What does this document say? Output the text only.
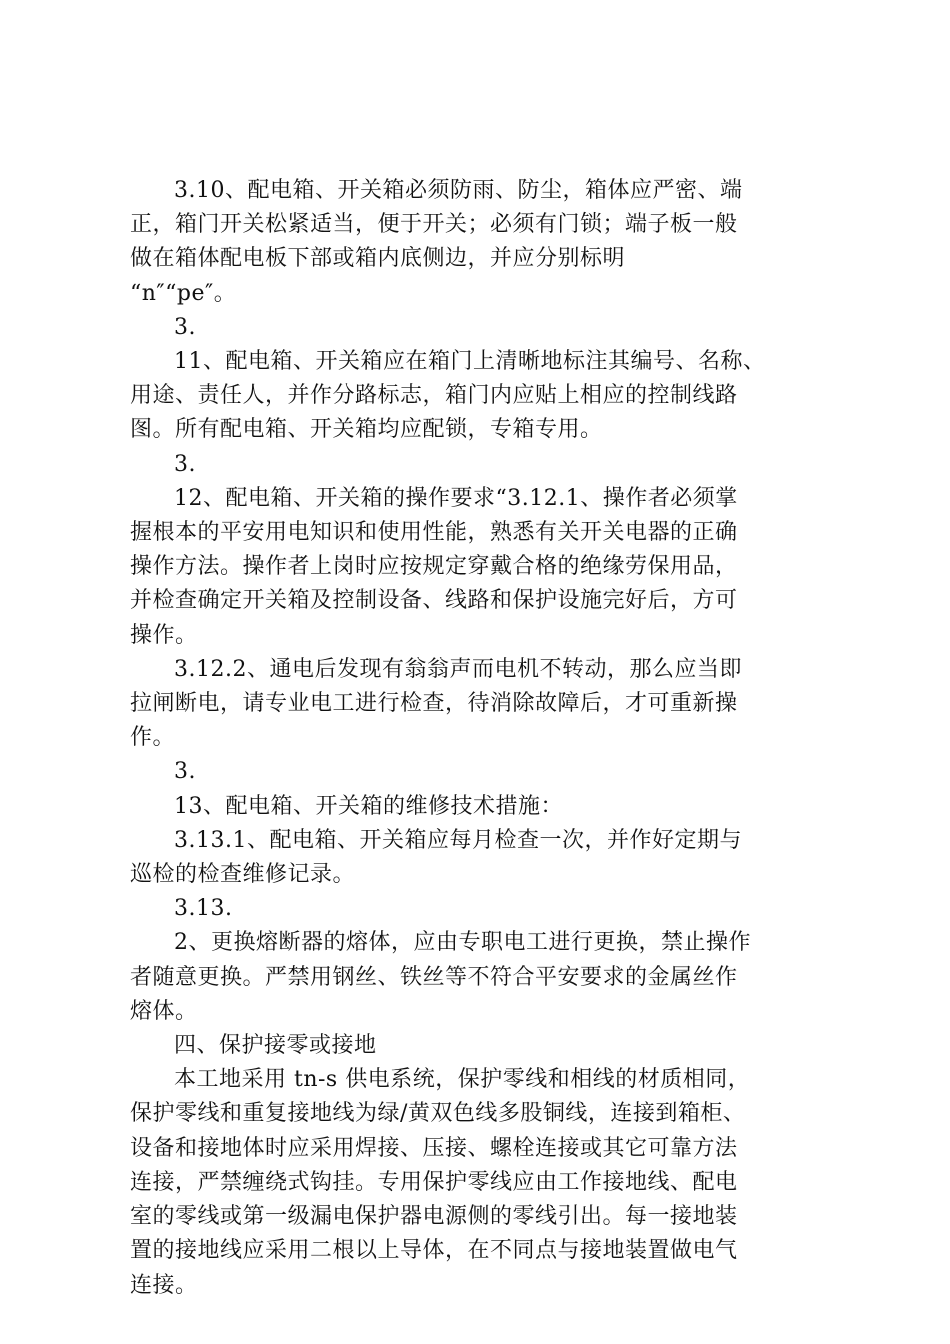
3.10、配电箱、开关箱必须防雨、防尘，箱体应严密、端
正，箱门开关松紧适当，便于开关；必须有门锁；端子板一般
做在箱体配电板下部或箱内底侧边，并应分别标明
“n″“pe″。
3.
11、配电箱、开关箱应在箱门上清晰地标注其编号、名称、
用途、责任人，并作分路标志，箱门内应贴上相应的控制线路
图。所有配电箱、开关箱均应配锁，专箱专用。
3.
12、配电箱、开关箱的操作要求“3.12.1、操作者必须掌
握根本的平安用电知识和使用性能，熟悉有关开关电器的正确
操作方法。操作者上岗时应按规定穿戴合格的绝缘劳保用品，
并检查确定开关箱及控制设备、线路和保护设施完好后，方可
操作。
3.12.2、通电后发现有翁翁声而电机不转动，那么应当即
拉闸断电，请专业电工进行检查，待消除故障后，才可重新操
作。
3.
13、配电箱、开关箱的维修技术措施：
3.13.1、配电箱、开关箱应每月检查一次，并作好定期与
巡检的检查维修记录。
3.13.
2、更换熔断器的熔体，应由专职电工进行更换，禁止操作
者随意更换。严禁用钢丝、铁丝等不符合平安要求的金属丝作
熔体。
四、保护接零或接地
本工地采用 tn-s 供电系统，保护零线和相线的材质相同，
保护零线和重复接地线为绿/黄双色线多股铜线，连接到箱柜、
设备和接地体时应采用焊接、压接、螺栓连接或其它可靠方法
连接，严禁缠绕式钩挂。专用保护零线应由工作接地线、配电
室的零线或第一级漏电保护器电源侧的零线引出。每一接地装
置的接地线应采用二根以上导体，在不同点与接地装置做电气
连接。
